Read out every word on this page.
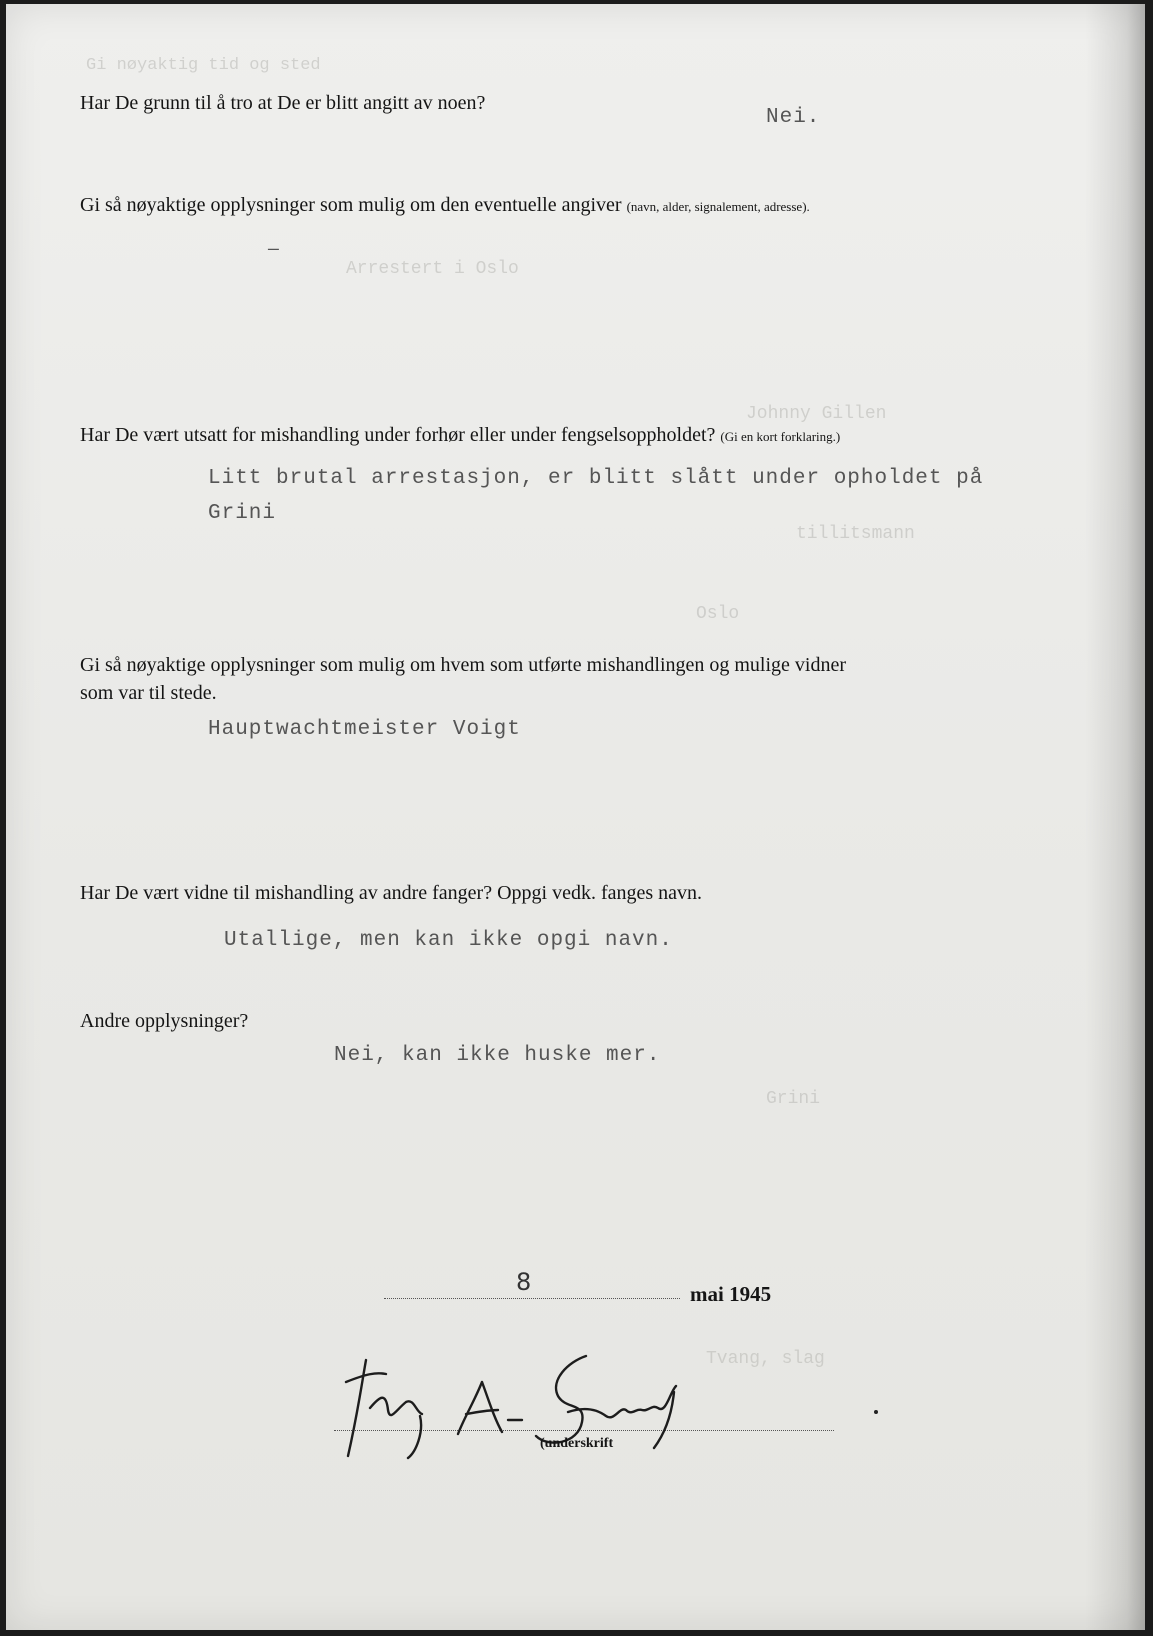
Gi nøyaktig tid og sted
Arrestert i Oslo
Johnny Gillen
tillitsmann
Oslo
Grini
Tvang, slag
Har De grunn til å tro at De er blitt angitt av noen?
Nei.
Gi så nøyaktige opplysninger som mulig om den eventuelle angiver (navn, alder, signalement, adresse).
—
Har De vært utsatt for mishandling under forhør eller under fengselsoppholdet? (Gi en kort forklaring.)
Litt brutal arrestasjon, er blitt slått under opholdet på
Grini
Gi så nøyaktige opplysninger som mulig om hvem som utførte mishandlingen og mulige vidner
som var til stede.
Hauptwachtmeister Voigt
Har De vært vidne til mishandling av andre fanger? Oppgi vedk. fanges navn.
Utallige, men kan ikke opgi navn.
Andre opplysninger?
Nei, kan ikke huske mer.
8	mai 1945
(underskrift
